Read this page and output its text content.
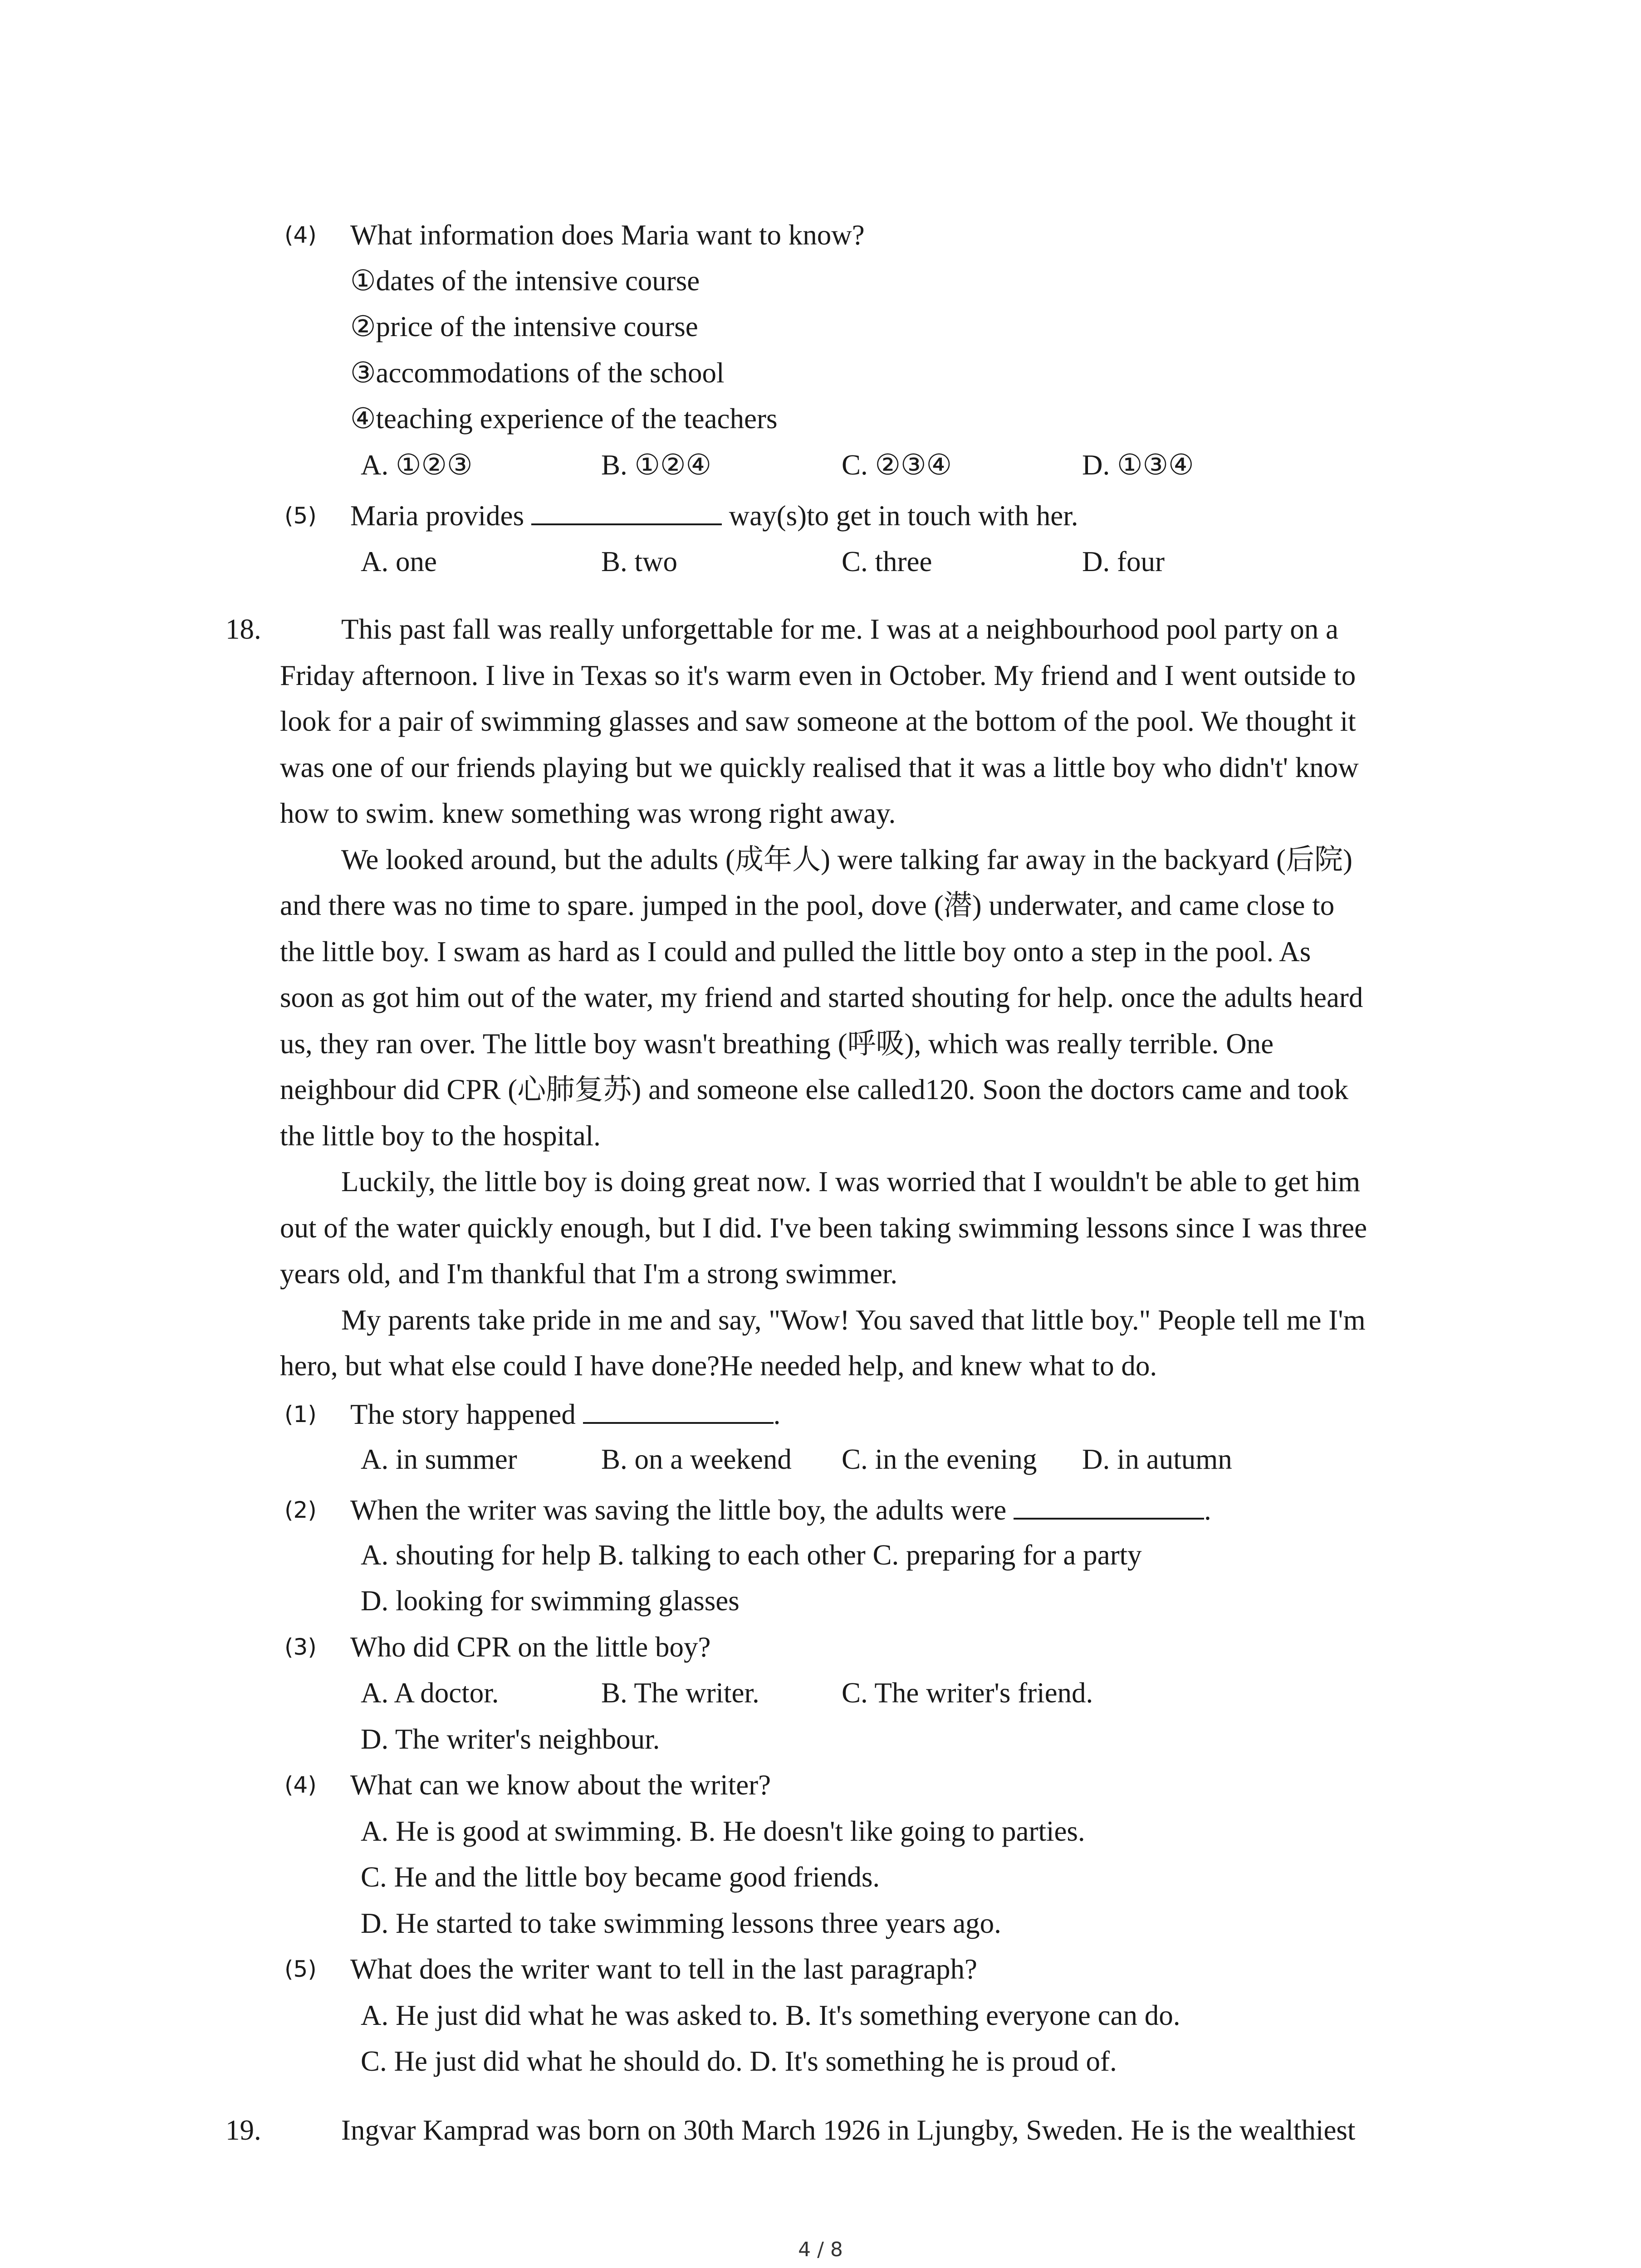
(4) What information does Maria want to know?
①dates of the intensive course
②price of the intensive course
③accommodations of the school
④teaching experience of the teachers
A. ①②③	B. ①②④	C. ②③④	D. ①③④
(5) Maria provides	way(s)to get in touch with her.
A. one	B. two	C. three	D. four
18.	This past fall was really unforgettable for me. I was at a neighbourhood pool party on a
Friday afternoon. I live in Texas so it's warm even in October. My friend and I went outside to
look for a pair of swimming glasses and saw someone at the bottom of the pool. We thought it
was one of our friends playing but we quickly realised that it was a little boy who didn't' know
how to swim. knew something was wrong right away.
We looked around, but the adults (成年人) were talking far away in the backyard (后院)
and there was no time to spare. jumped in the pool, dove (潜) underwater, and came close to
the little boy. I swam as hard as I could and pulled the little boy onto a step in the pool. As
soon as got him out of the water, my friend and started shouting for help. once the adults heard
us, they ran over. The little boy wasn't breathing (呼吸), which was really terrible. One
neighbour did CPR (心肺复苏) and someone else called120. Soon the doctors came and took
the little boy to the hospital.
Luckily, the little boy is doing great now. I was worried that I wouldn't be able to get him
out of the water quickly enough, but I did. I've been taking swimming lessons since I was three
years old, and I'm thankful that I'm a strong swimmer.
My parents take pride in me and say, "Wow! You saved that little boy." People tell me I'm
hero, but what else could I have done?He needed help, and knew what to do.
(1) The story happened	.
A. in summer	B. on a weekend C. in the evening D. in autumn
(2) When the writer was saving the little boy, the adults were	.
A. shouting for help B. talking to each other C. preparing for a party
D. looking for swimming glasses
(3) Who did CPR on the little boy?
A. A doctor.	B. The writer.	C. The writer's friend.
D. The writer's neighbour.
(4) What can we know about the writer?
A. He is good at swimming. B. He doesn't like going to parties.
C. He and the little boy became good friends.
D. He started to take swimming lessons three years ago.
(5) What does the writer want to tell in the last paragraph?
A. He just did what he was asked to. B. It's something everyone can do.
C. He just did what he should do. D. It's something he is proud of.
19.	Ingvar Kamprad was born on 30th March 1926 in Ljungby, Sweden. He is the wealthiest
4 / 8
